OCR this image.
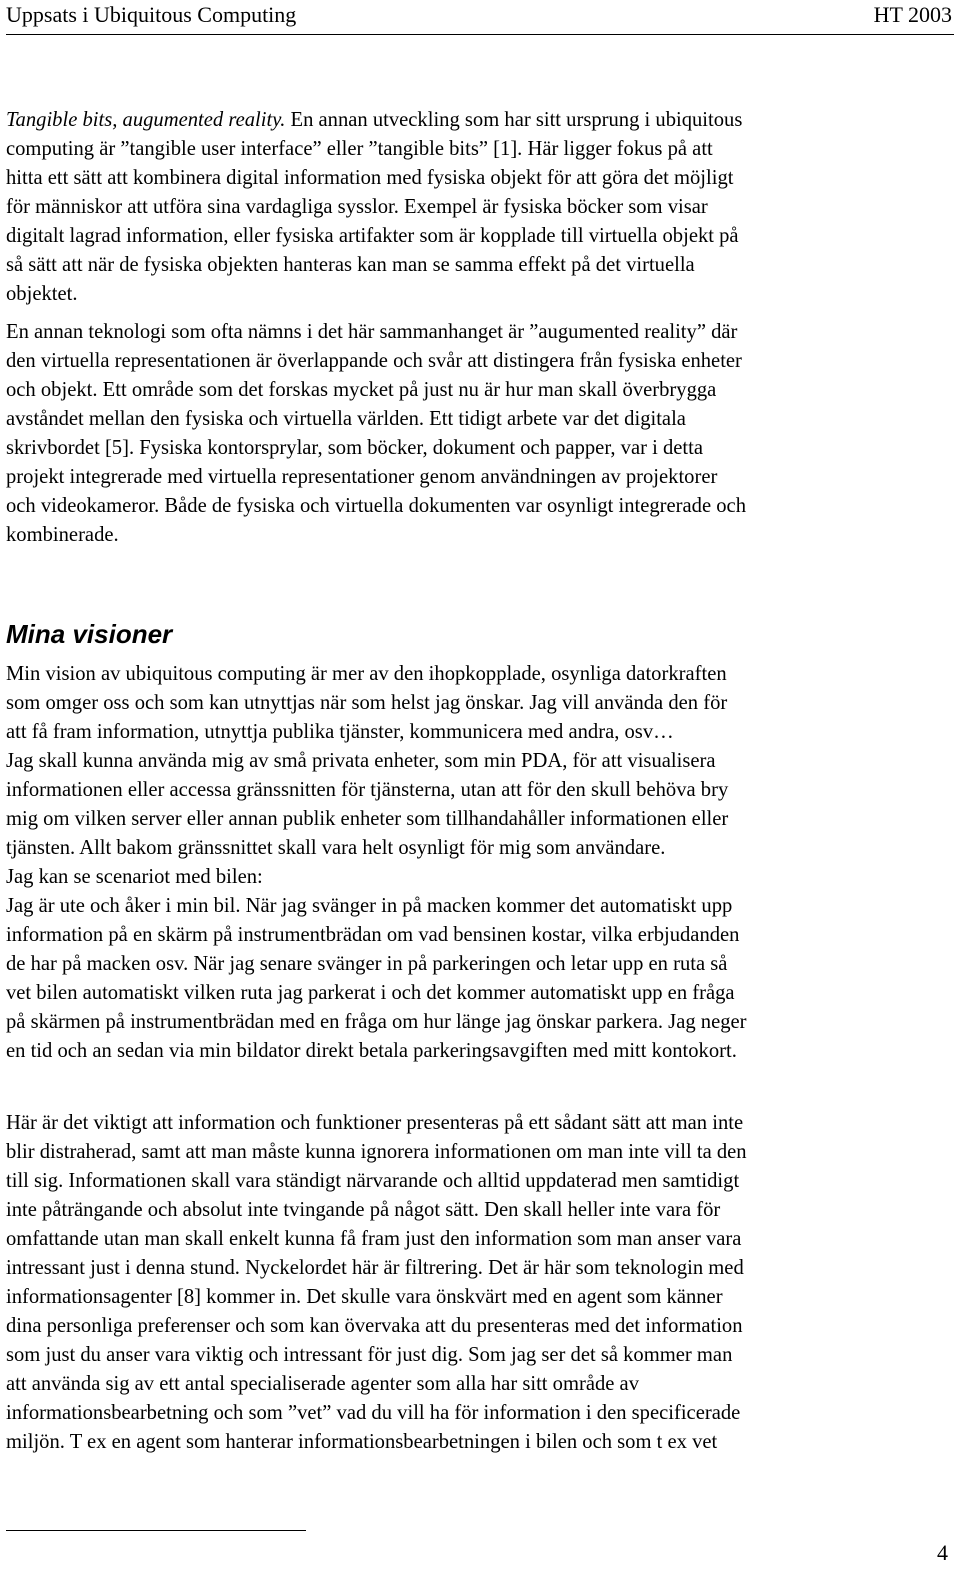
Uppsats i Ubiquitous Computing	HT 2003

Tangible bits, augumented reality. En annan utveckling som har sitt ursprung i ubiquitous
computing är ”tangible user interface” eller ”tangible bits” [1]. Här ligger fokus på att
hitta ett sätt att kombinera digital information med fysiska objekt för att göra det möjligt
för människor att utföra sina vardagliga sysslor. Exempel är fysiska böcker som visar
digitalt lagrad information, eller fysiska artifakter som är kopplade till virtuella objekt på
så sätt att när de fysiska objekten hanteras kan man se samma effekt på det virtuella
objektet.

En annan teknologi som ofta nämns i det här sammanhanget är ”augumented reality” där
den virtuella representationen är överlappande och svår att distingera från fysiska enheter
och objekt. Ett område som det forskas mycket på just nu är hur man skall överbrygga
avståndet mellan den fysiska och virtuella världen. Ett tidigt arbete var det digitala
skrivbordet [5]. Fysiska kontorsprylar, som böcker, dokument och papper, var i detta
projekt integrerade med virtuella representationer genom användningen av projektorer
och videokameror. Både de fysiska och virtuella dokumenten var osynligt integrerade och
kombinerade.

Mina visioner

Min vision av ubiquitous computing är mer av den ihopkopplade, osynliga datorkraften
som omger oss och som kan utnyttjas när som helst jag önskar. Jag vill använda den för
att få fram information, utnyttja publika tjänster, kommunicera med andra, osv…
Jag skall kunna använda mig av små privata enheter, som min PDA, för att visualisera
informationen eller accessa gränssnitten för tjänsterna, utan att för den skull behöva bry
mig om vilken server eller annan publik enheter som tillhandahåller informationen eller
tjänsten. Allt bakom gränssnittet skall vara helt osynligt för mig som användare.
Jag kan se scenariot med bilen:
Jag är ute och åker i min bil. När jag svänger in på macken kommer det automatiskt upp
information på en skärm på instrumentbrädan om vad bensinen kostar, vilka erbjudanden
de har på macken osv. När jag senare svänger in på parkeringen och letar upp en ruta så
vet bilen automatiskt vilken ruta jag parkerat i och det kommer automatiskt upp en fråga
på skärmen på instrumentbrädan med en fråga om hur länge jag önskar parkera. Jag neger
en tid och an sedan via min bildator direkt betala parkeringsavgiften med mitt kontokort.

Här är det viktigt att information och funktioner presenteras på ett sådant sätt att man inte
blir distraherad, samt att man måste kunna ignorera informationen om man inte vill ta den
till sig. Informationen skall vara ständigt närvarande och alltid uppdaterad men samtidigt
inte påträngande och absolut inte tvingande på något sätt. Den skall heller inte vara för
omfattande utan man skall enkelt kunna få fram just den information som man anser vara
intressant just i denna stund. Nyckelordet här är filtrering. Det är här som teknologin med
informationsagenter [8] kommer in. Det skulle vara önskvärt med en agent som känner
dina personliga preferenser och som kan övervaka att du presenteras med det information
som just du anser vara viktig och intressant för just dig. Som jag ser det så kommer man
att använda sig av ett antal specialiserade agenter som alla har sitt område av
informationsbearbetning och som ”vet” vad du vill ha för information i den specificerade
miljön. T ex en agent som hanterar informationsbearbetningen i bilen och som t ex vet

4
